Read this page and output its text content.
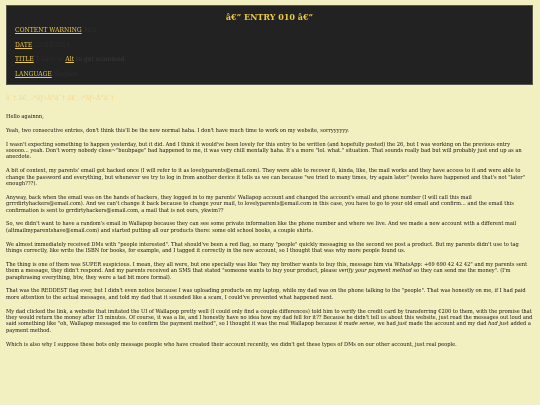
â€” ENTRY 010 â€”
CONTENT WARNING N/A
DATE 25/03/2024
TITLE I have to Alt to get scammed
LANGUAGE English
â˜†.ã€‚.:*ãƒ»Â°â˜†.ã€‚.:*ãƒ»Â°â˜†

Hello againnn,

Yeah, two consecutive entries, don't think this'll be the new normal haha. I don't have much time to work on my website, sorryyyyyy.

I wasn't expecting something to happen yesterday, but it did. And I think it would've been lovely for this entry to be written (and hopefully posted) the 26, but I was working on the previous entry sooooo... yeah. Don't worry nobody close~"buubpage" bad happened to me, it was very chill mentally haha. It's a more "lol. what." situation. That sounds really bad but will probably just end up as an anecdote.

A bit of context, my parents' email got hacked once (I will refer to it as lovelyparents@email.com). They were able to recover it, kinda, like, the mail works and they have access to it and were able to change the password and everything, but whenever we try to log in from another device it tells us we can because "we tried to many times, try again later" (weeks have happened and that's not "later" enough???).

Anyway, back when the email was on the hands of hackers, they logged in to my parents' Wallapop account and changed the account's email and phone number (I will call this mail grrrdirtyhackers@email.com). And we can't change it back because to change your mail, to lovelyparents@email.com in this case, you have to go to your old email and confirm... and the email this confirmation is sent to grrdirtyhackers@email.com, a mail that is not ours, ykwim??

So, we didn't want to have a random's email in Wallapop because they can see some private information like the phone number and where we live. And we made a new account with a different mail (altmailmyparentshave@email.com) and started putting all our products there: some old school books, a couple shirts.

We almost immediately received DMs with "people interested". That should've been a red flag, so many "people" quickly messaging us the second we post a product. But my parents didn't use to tag things correctly, like write the ISBN for books, for example, and I tagged it correctly in the new account, so I thought that was why more people found us.

The thing is one of them was SUPER suspicious. I mean, they all were, but one specially was like "hey my brother wants to buy this, message him via WhatsApp: +69 690 42 42 42" and my parents sent them a message, they didn't respond. And my parents received an SMS that stated "someone wants to buy your product, please verify your payment method so they can send me the money". (I'm paraphrasing everything, btw, they were a tad bit more formal).

That was the REDDEST flag ever, but I didn't even notice because I was uploading products on my laptop, while my dad was on the phone talking to the "people". That was honestly on me, if I had paid more attention to the actual messages, and told my dad that it sounded like a scam, I could've prevented what happened next.

My dad clicked the link, a website that imitated the UI of Wallapop pretty well (I could only find a couple differences) told him to verify the credit card by transferring €200 to them, with the promise that they would return the money after 15 minutes. Of course, it was a lie, and I honestly have no idea how my dad fell for it?? Because he didn't tell us about this website, just read the messages out loud and said something like "oh, Wallapop messaged me to confirm the payment method", so I thought it was the real Wallapop because it made sense, we had just made the account and my dad had just added a payment method.

Which is also why I suppose these bots only message people who have created their account recently, we didn't get these types of DMs on our other account, just real people.
